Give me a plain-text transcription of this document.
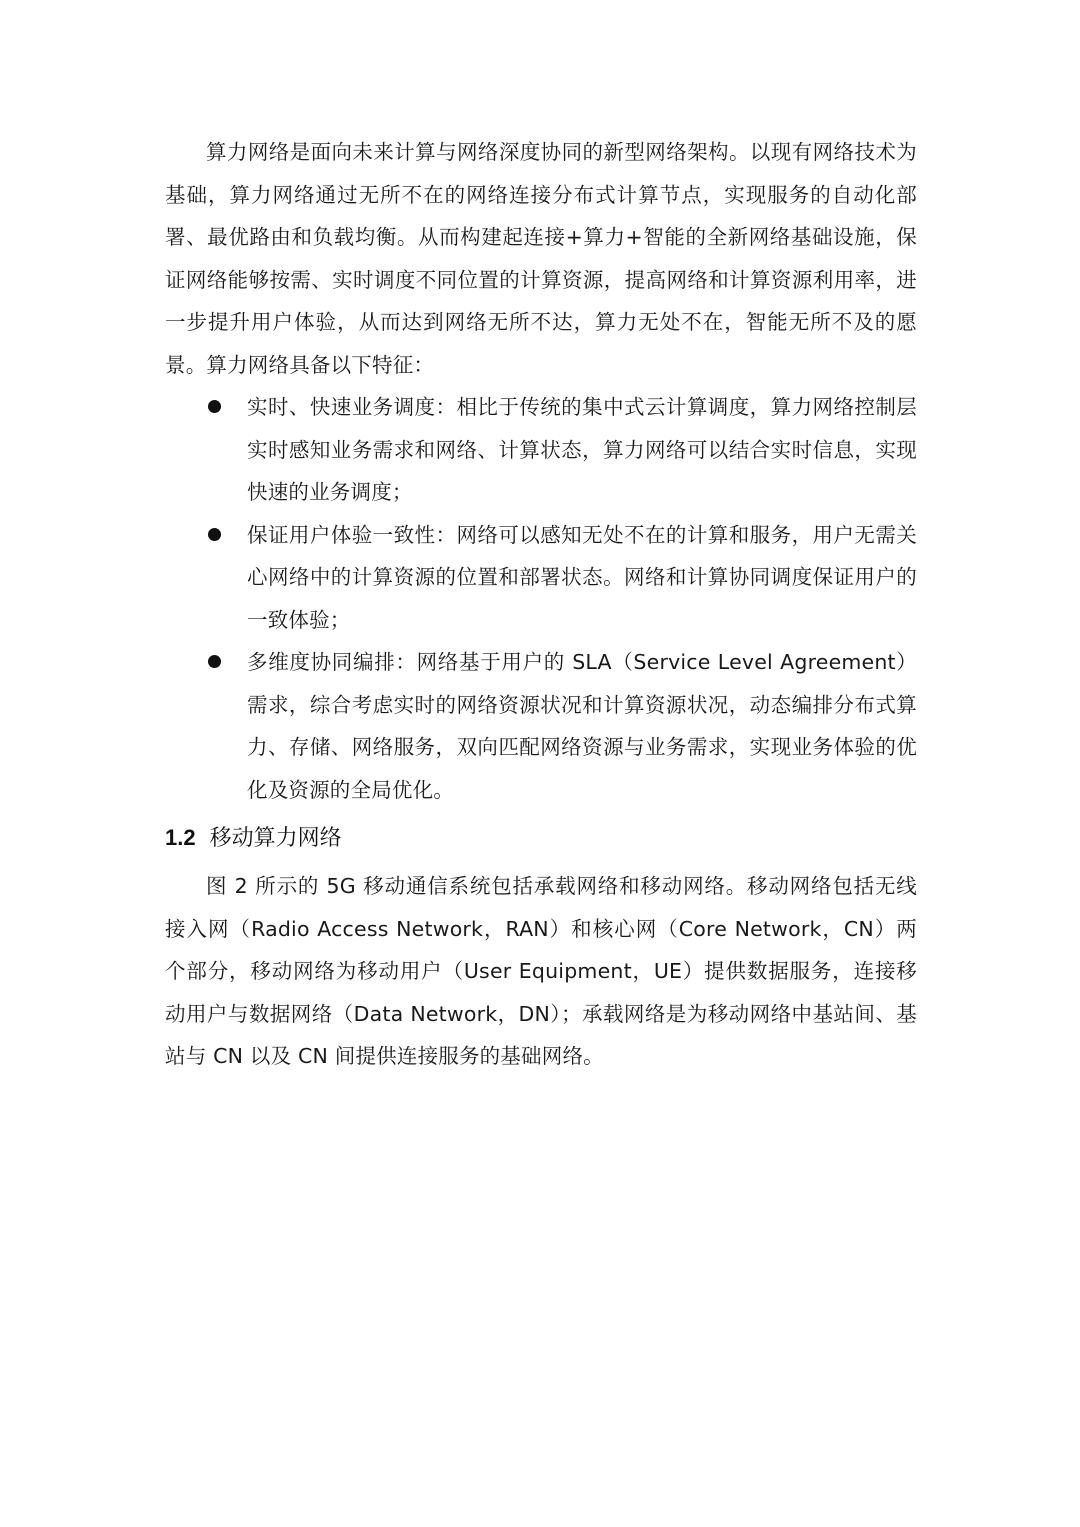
算力网络是面向未来计算与网络深度协同的新型网络架构。以现有网络技术为基础，算力网络通过无所不在的网络连接分布式计算节点，实现服务的自动化部署、最优路由和负载均衡。从而构建起连接+算力+智能的全新网络基础设施，保证网络能够按需、实时调度不同位置的计算资源，提高网络和计算资源利用率，进一步提升用户体验，从而达到网络无所不达，算力无处不在，智能无所不及的愿景。算力网络具备以下特征：

实时、快速业务调度：相比于传统的集中式云计算调度，算力网络控制层实时感知业务需求和网络、计算状态，算力网络可以结合实时信息，实现快速的业务调度；
保证用户体验一致性：网络可以感知无处不在的计算和服务，用户无需关心网络中的计算资源的位置和部署状态。网络和计算协同调度保证用户的一致体验；
多维度协同编排：网络基于用户的 SLA（Service Level Agreement）需求，综合考虑实时的网络资源状况和计算资源状况，动态编排分布式算力、存储、网络服务，双向匹配网络资源与业务需求，实现业务体验的优化及资源的全局优化。
1.2 移动算力网络

图 2 所示的 5G 移动通信系统包括承载网络和移动网络。移动网络包括无线接入网（Radio Access Network，RAN）和核心网（Core Network，CN）两个部分，移动网络为移动用户（User Equipment，UE）提供数据服务，连接移动用户与数据网络（Data Network，DN）；承载网络是为移动网络中基站间、基站与 CN 以及 CN 间提供连接服务的基础网络。
